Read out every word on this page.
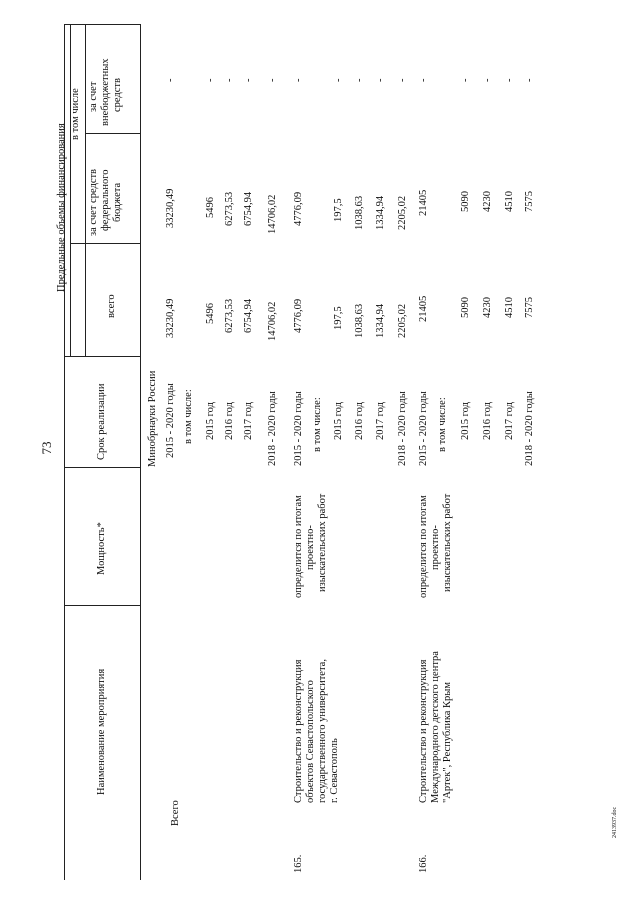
73
2413937.doc
Предельные объемы финансирования
в том числе
Наименование мероприятия
Мощность*
Срок реализации
всего
за счет средств федерального бюджета
за счет внебюджетных средств
Минобрнауки России
Всего
165.
Строительство и реконструкция объектов Севастопольского государственного университета, г. Севастополь
определится по итогам проектно- изыскательских работ
166.
Строительство и реконструкция Международного детского центра "Артек", Республика Крым
определится по итогам проектно- изыскательских работ
2015 - 2020 годы
33230,49
33230,49
-
в том числе: 2015 год
5496
5496
-
2016 год
6273,53
6273,53
-
2017 год
6754,94
6754,94
-
2018 - 2020 годы
14706,02
14706,02
-
2015 - 2020 годы
4776,09
4776,09
-
в том числе: 2015 год
197,5
197,5
-
2016 год
1038,63
1038,63
-
2017 год
1334,94
1334,94
-
2018 - 2020 годы
2205,02
2205,02
-
2015 - 2020 годы
21405
21405
-
в том числе: 2015 год
5090
5090
-
2016 год
4230
4230
-
2017 год
4510
4510
-
2018 - 2020 годы
7575
7575
-
